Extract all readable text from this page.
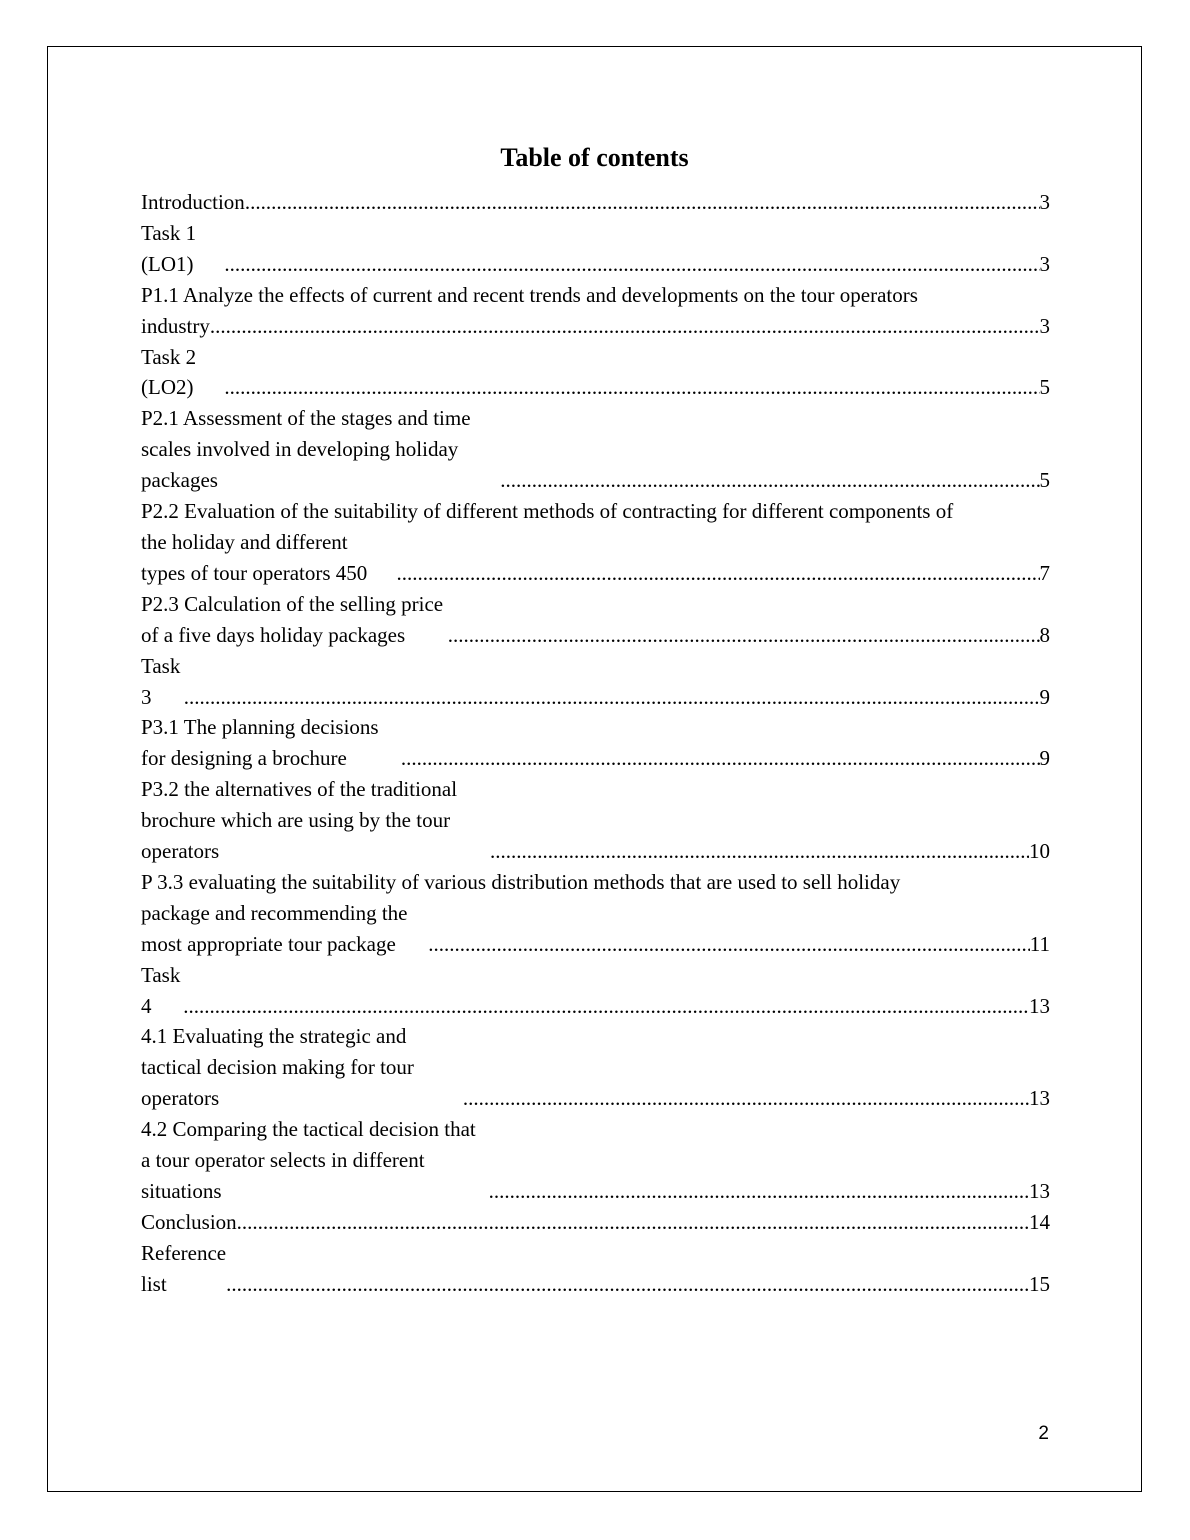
Table of contents
Introduction .....	3
Task 1 (LO1) .....	3
P1.1 Analyze the effects of current and recent trends and developments on the tour operators
industry .....	3
Task 2 (LO2) .....	5
P2.1 Assessment of the stages and time scales involved in developing holiday packages .....	5
P2.2 Evaluation of the suitability of different methods of contracting for different components of
the holiday and different types of tour operators 450 .....	7
P2.3 Calculation of the selling price of a five days holiday packages .....	8
Task 3 .....	9
P3.1 The planning decisions for designing a brochure .....	9
P3.2 the alternatives of the traditional brochure which are using by the tour operators .....	10
P 3.3 evaluating the suitability of various distribution methods that are used to sell holiday
package and recommending the most appropriate tour package .....	11
Task 4 .....	13
4.1 Evaluating the strategic and tactical decision making for tour operators .....	13
4.2 Comparing the tactical decision that a tour operator selects in different situations .....	13
Conclusion .....	14
Reference list .....	15
2
